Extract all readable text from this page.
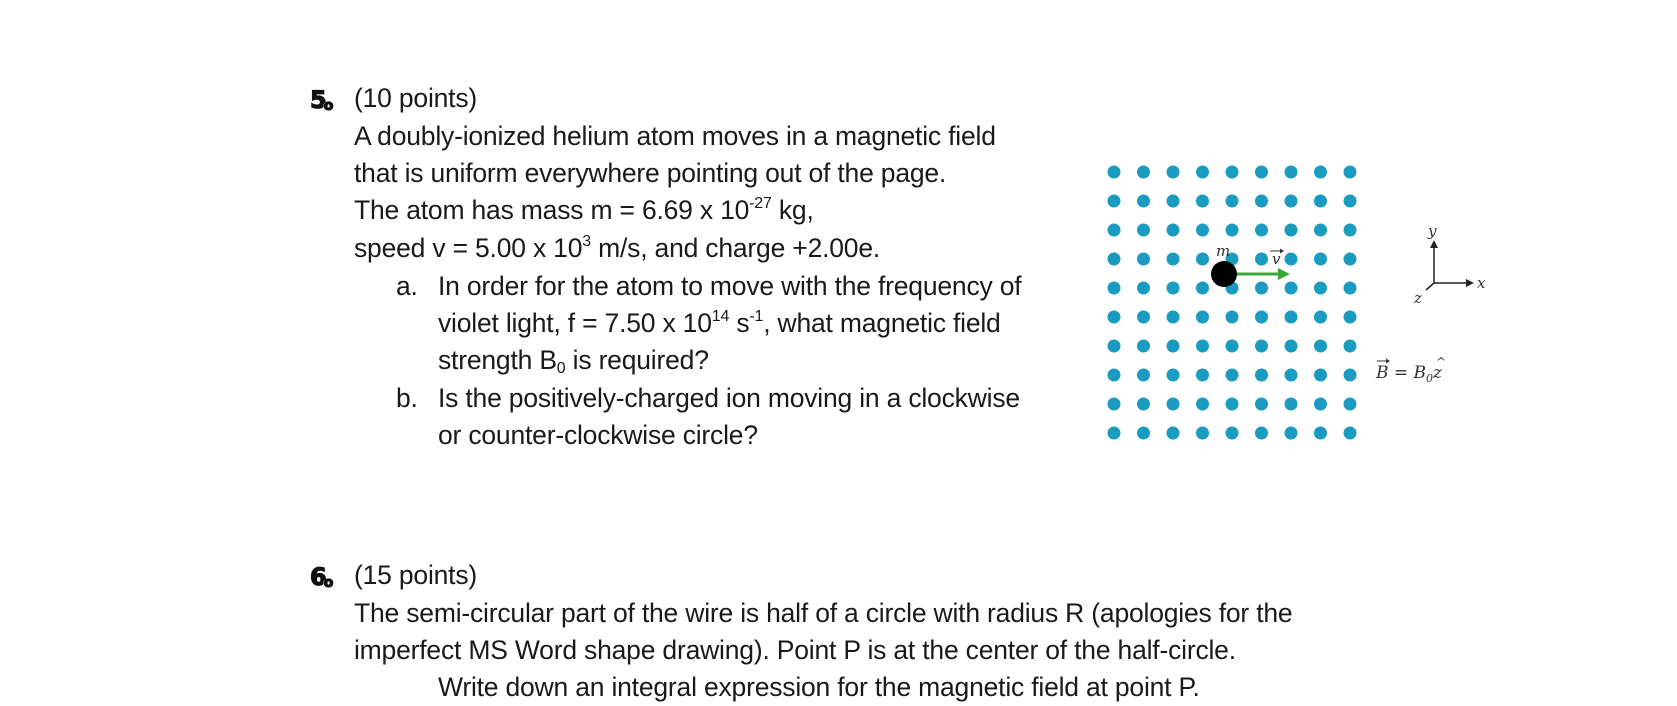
5o (10 points)
A doubly-ionized helium atom moves in a magnetic field
that is uniform everywhere pointing out of the page.
The atom has mass m = 6.69 x $10^{-27}$ kg,
speed v = 5.00 x $10^3$ m/s, and charge +2.00e.
a. In order for the atom to move with the frequency of
violet light, f = 7.50 x $10^{14}$ $s^{-1}$, what magnetic field
strength $B_0$ is required?
b. Is the positively-charged ion moving in a clockwise
or counter-clockwise circle?
m	v
y
x
z
$B = B_0z$
^
6o (15 points)
The semi-circular part of the wire is half of a circle with radius R (apologies for the
imperfect MS Word shape drawing). Point P is at the center of the half-circle.
Write down an integral expression for the magnetic field at point P.
